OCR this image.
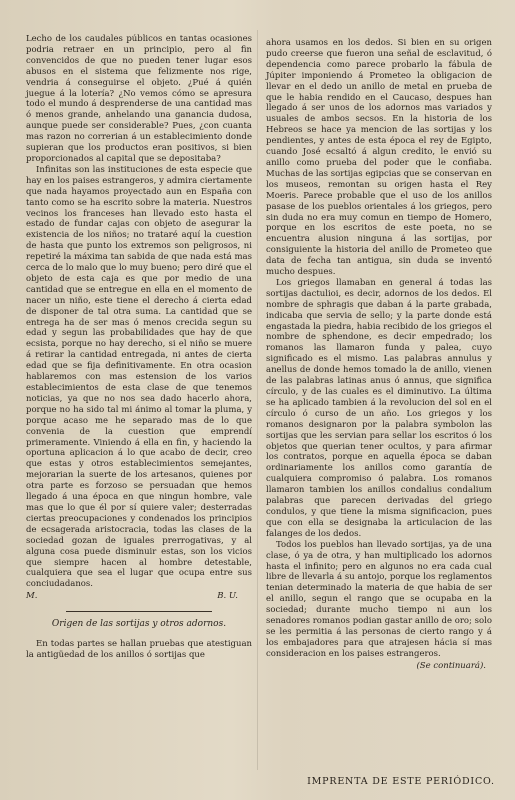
Lecho de los caudales públicos en tantas ocasiones podria retraer en un principio, pero al fin convencidos de que no pueden tener lugar esos abusos en el sistema que felizmente nos rige, vendria á conseguirse el objeto. ¿Pué á quién juegue á la lotería? ¿No vemos cómo se apresura todo el mundo á desprenderse de una cantidad mas ó menos grande, anhelando una ganancia dudosa, aunque puede ser considerable? Pues, ¿con cuanta mas razon no correrian á un establecimiento donde supieran que los productos eran positivos, si bien proporcionados al capital que se depositaba?

Infinitas son las instituciones de esta especie que hay en los paises estrangeros, y admira ciertamente que nada hayamos proyectado aun en España con tanto como se ha escrito sobre la materia. Nuestros vecinos los franceses han llevado esto hasta el estado de fundar cajas con objeto de asegurar la existencia de los niños; no trataré aquí la cuestion de hasta que punto los extremos son peligrosos, ni repetiré la máxima tan sabida de que nada está mas cerca de lo malo que lo muy bueno; pero diré que el objeto de esta caja es que por medio de una cantidad que se entregue en ella en el momento de nacer un niño, este tiene el derecho á cierta edad de disponer de tal otra suma. La cantidad que se entrega ha de ser mas ó menos crecida segun su edad y segun las probabilidades que hay de que ecsista, porque no hay derecho, si el niño se muere á retirar la cantidad entregada, ni antes de cierta edad que se fija definitivamente. En otra ocasion hablaremos con mas estension de los varios establecimientos de esta clase de que tenemos noticias, ya que no nos sea dado hacerlo ahora, porque no ha sido tal mi ánimo al tomar la pluma, y porque acaso me he separado mas de lo que convenia de la cuestion que emprendí primeramente. Viniendo á ella en fin, y haciendo la oportuna aplicacion á lo que acabo de decir, creo que estas y otros establecimientos semejantes, mejorarian la suerte de los artesanos, quienes por otra parte es forzoso se persuadan que hemos llegado á una época en que ningun hombre, vale mas que lo que él por sí quiere valer; desterradas ciertas preocupaciones y condenados los principios de ecsagerada aristocracia, todas las clases de la sociedad gozan de iguales prerrogativas, y al alguna cosa puede disminuir estas, son los vicios que siempre hacen al hombre detestable, cualquiera que sea el lugar que ocupa entre sus conciudadanos.

M.	B. U.
Origen de las sortijas y otros adornos.

En todas partes se hallan pruebas que atestiguan la antigüedad de los anillos ó sortijas que

ahora usamos en los dedos. Si bien en su origen pudo creerse que fueron una señal de esclavitud, ó dependencia como parece probarlo la fábula de Júpiter imponiendo á Prometeo la obligacion de llevar en el dedo un anillo de metal en prueba de que le habia rendido en el Caucaso, despues han llegado á ser unos de los adornos mas variados y usuales de ambos secsos. En la historia de los Hebreos se hace ya mencion de las sortijas y los pendientes, y antes de esta época el rey de Egipto, cuando José ecsaltó á algun credito, le envió su anillo como prueba del poder que le confiaba. Muchas de las sortijas egipcias que se conservan en los museos, remontan su origen hasta el Rey Moeris. Parece probable que el uso de los anillos pasase de los pueblos orientales á los griegos, pero sin duda no era muy comun en tiempo de Homero, porque en los escritos de este poeta, no se encuentra alusion ninguna á las sortijas, por consiguiente la historia del anillo de Prometeo que data de fecha tan antigua, sin duda se inventó mucho despues.

Los griegos llamaban en general á todas las sortijas dactulioi, es decir, adornos de los dedos. El nombre de sphragis que daban á la parte grabada, indicaba que servia de sello; y la parte donde está engastada la piedra, habia recibido de los griegos el nombre de sphendone, es decir empedrado; los romanos las llamaron funda y palea, cuyo significado es el mismo. Las palabras annulus y anellus de donde hemos tomado la de anillo, vienen de las palabras latinas anus ó annus, que significa círculo, y de las cuales es el diminutivo. La última se ha aplicado tambien á la revolucion del sol en el círculo ó curso de un año. Los griegos y los romanos designaron por la palabra symbolon las sortijas que les servian para sellar los escritos ó los objetos que querian tener ocultos, y para afirmar los contratos, porque en aquella época se daban ordinariamente los anillos como garantía de cualquiera compromiso ó palabra. Los romanos llamaron tambien los anillos condalius condalium palabras que parecen derivadas del griego condulos, y que tiene la misma significacion, pues que con ella se designaba la articulacion de las falanges de los dedos.

Todos los pueblos han llevado sortijas, ya de una clase, ó ya de otra, y han multiplicado los adornos hasta el infinito; pero en algunos no era cada cual libre de llevarla á su antojo, porque los reglamentos tenian determinado la materia de que habia de ser el anillo, segun el rango que se ocupaba en la sociedad; durante mucho tiempo ni aun los senadores romanos podian gastar anillo de oro; solo se les permitia á las personas de cierto rango y á los embajadores para que atrajesen hácia sí mas consideracion en los paises estrangeros.

(Se continuará).
IMPRENTA DE ESTE PERIÓDICO.
